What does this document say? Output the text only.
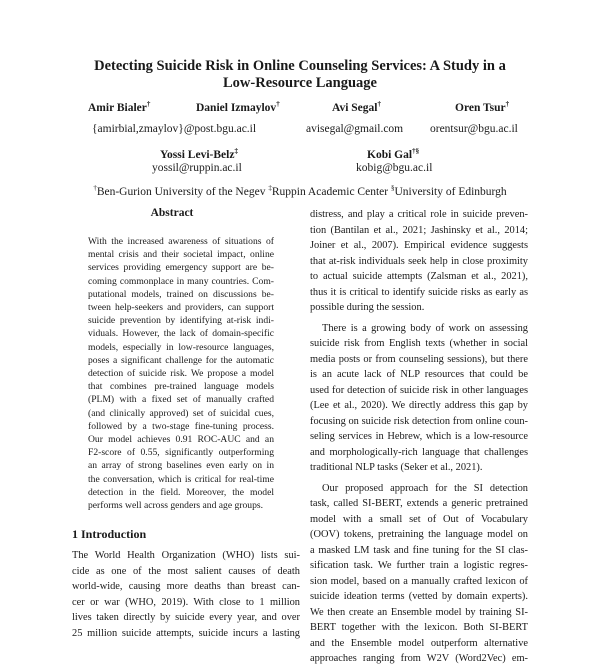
Detecting Suicide Risk in Online Counseling Services: A Study in a
Low-Resource Language
Amir Bialer†	Daniel Izmaylov†	Avi Segal†	Oren Tsur†
{amirbial,zmaylov}@post.bgu.ac.il	avisegal@gmail.com orentsur@bgu.ac.il
Yossi Levi-Belz‡
yossil@ruppin.ac.il
Kobi Gal†§
kobig@bgu.ac.il
†Ben-Gurion University of the Negev ‡Ruppin Academic Center §University of Edinburgh
Abstract
With the increased awareness of situations of
mental crisis and their societal impact, online
services providing emergency support are be-
coming commonplace in many countries. Com-
putational models, trained on discussions be-
tween help-seekers and providers, can support
suicide prevention by identifying at-risk indi-
viduals. However, the lack of domain-specific
models, especially in low-resource languages,
poses a significant challenge for the automatic
detection of suicide risk. We propose a model
that combines pre-trained language models
(PLM) with a fixed set of manually crafted
(and clinically approved) set of suicidal cues,
followed by a two-stage fine-tuning process.
Our model achieves 0.91 ROC-AUC and an
F2-score of 0.55, significantly outperforming
an array of strong baselines even early on in
the conversation, which is critical for real-time
detection in the field. Moreover, the model
performs well across genders and age groups.
1 Introduction
The World Health Organization (WHO) lists sui-
cide as one of the most salient causes of death
world-wide, causing more deaths than breast can-
cer or war (WHO, 2019). With close to 1 million
lives taken directly by suicide every year, and over
25 million suicide attempts, suicide incurs a lasting
distress, and play a critical role in suicide preven-
tion (Bantilan et al., 2021; Jashinsky et al., 2014;
Joiner et al., 2007). Empirical evidence suggests
that at-risk individuals seek help in close proximity
to actual suicide attempts (Zalsman et al., 2021),
thus it is critical to identify suicide risks as early as
possible during the session.
There is a growing body of work on assessing
suicide risk from English texts (whether in social
media posts or from counseling sessions), but there
is an acute lack of NLP resources that could be
used for detection of suicide risk in other languages
(Lee et al., 2020). We directly address this gap by
focusing on suicide risk detection from online coun-
seling services in Hebrew, which is a low-resource
and morphologically-rich language that challenges
traditional NLP tasks (Seker et al., 2021).
Our proposed approach for the SI detection
task, called SI-BERT, extends a generic pretrained
model with a small set of Out of Vocabulary
(OOV) tokens, pretraining the language model on
a masked LM task and fine tuning for the SI clas-
sification task. We further train a logistic regres-
sion model, based on a manually crafted lexicon of
suicide ideation terms (vetted by domain experts).
We then create an Ensemble model by training SI-
BERT together with the lexicon. Both SI-BERT
and the Ensemble model outperform alternative
approaches ranging from W2V (Word2Vec) em-
